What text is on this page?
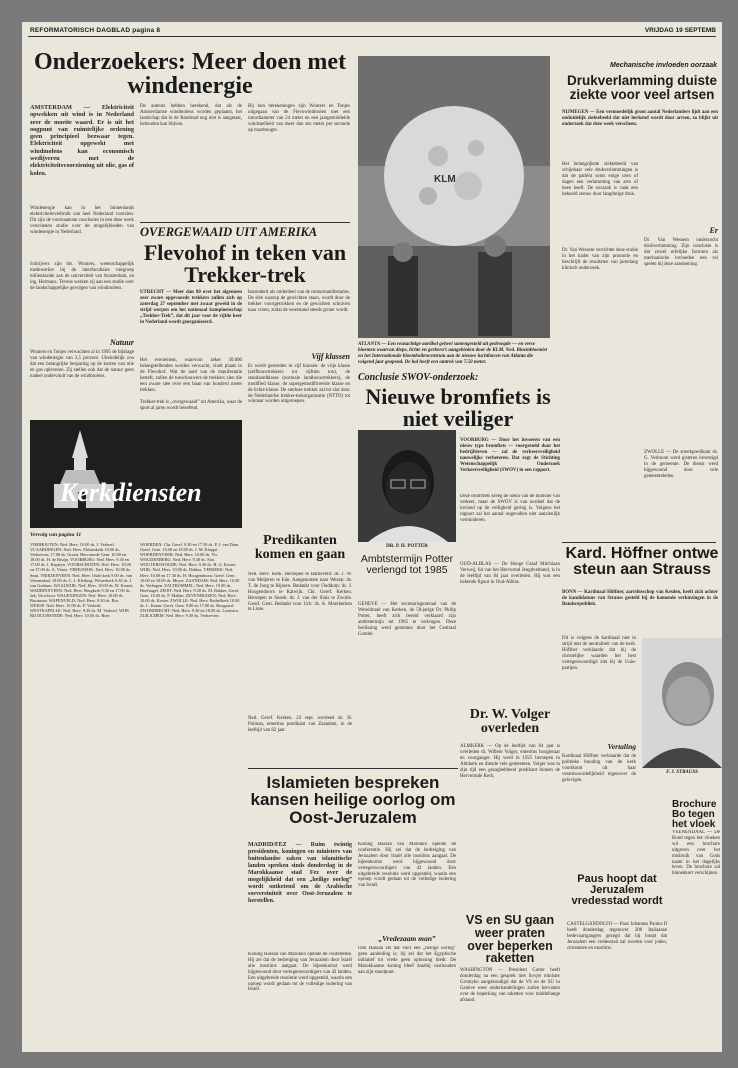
REFORMATORISCH DAGBLAD pagina 8	VRIJDAG 19 SEPTEMB
Onderzoekers: Meer doen met windenergie
AMSTERDAM — Elektriciteit opwekken uit wind is in Nederland zeer de moeite waard. Er is uit het oogpunt van ruimtelijke ordening geen principieel bezwaar tegen. Elektriciteit opgewekt met windmolens kan economisch wedijveren met de elektriciteitsvoorziening uit olie, gas of kolen.
Windenergie kan in het binnenlands elektriciteitsverbruik van heel Nederland voorzien. Dit zijn de voornaamste conclusies in een deze week verschenen studie over de mogelijkheden van windenergie in Nederland.
Schrijvers zijn drs. Wouters, wetenschappelijk medewerker bij de interfacultaire vakgroep milieukunde aan de universiteit van Amsterdam, en ing. Hermans. Tevens werken zij aan een studie over de landschappelijke gevolgen van windmolens.
De auteurs hebben berekend, dat als de Amsterdamse windmolens worden geplaatst, het landschap dat in de Randstad nog niet is aangetast, behouden kan blijven.
Bij hun berekeningen zijn Wouters en Tonjes uitgegaan van de Flevowindmolen met een rotordiameter van 24 meter en een jaargemiddelde windsnelheid van meer dan zes meter per seconde op masthoogte.
Natuur
Wouters en Tonjes verwachten al in 1995 de bijdrage van windenergie van 2,5 procent. Uiteindelijk zou dat een belangrijke besparing op de kosten van olie en gas opleveren. Zij stellen ook dat de natuur geen nadeel ondervindt van de windmolens.
OVERGEWAAID UIT AMERIKA
Flevohof in teken van Trekker-trek
UTRECHT — Meer dan 80 over het algemeen zeer zware opgevoerde trekkers zullen zich op zaterdag 27 september met zwaar geweld in de strijd werpen om het nationaal kampioenschap „Trekker-Trek”, dat dit jaar voor de vijfde keer in Nederland wordt georganiseerd.
Het evenement, waarvoor zeker 30.000 belangstellenden worden verwacht, vindt plaats in de Flevohof. Wat de aard van de manifestatie betreft, zullen de toeschouwers de trekkers zien die een zware slee over een baan van honderd meter trekken.
Trekker-trek is „overgewaaid” uit Amerika, waar de sport al jaren wordt beoefend.
bezonderd als onderdeel van de motormanifestaties. De slee waarop de gewichten staan, wordt door de trekker voortgetrokken en de gewichten schuiven naar voren, zodat de weerstand steeds groter wordt.
Vijf klassen
Er wordt gestreden in vijf klassen: de vrije klasse (zelfbouwtrekkers tot vijftien ton), de standaardklasse (normale landbouwtrekkers), de modified klasse, de supergemodificeerde klasse en de lichte klasse. De sterkste trekker zal tot slot door de Nederlandse trekker-trekorganisatie (NTTO) tot winnaar worden uitgeroepen.
KLM
ATLANTA — Een reusachtige aardbol geheel samengesteld uit gedroogde — en verse bloemen waarvan diepe, lichte en gerbera’s aangebieden door de KLM. Ned. Bloembloemist en het Internationale bloembollencentrum aan de nieuwe luchthaven van Atlanta die volgend jaar geopend. De bal heeft een omtrek van 7.50 meter.
Kerkdiensten
Vervolg van pagina 11
VIERHOUTEN: Ned. Herv. 10.00 ds. J. Verhoef. VLAARDINGEN: Ned. Herv. Elthamkerk 10.00 ds. Verhoeven, 17.00 ds. Groen. Hervormde Gem. 10.00 en 18.00 ds. H. de Bruijn. VOORBURG: Ned. Herv. 9.30 en 17.00 ds. J. Kapteyn. VOORSCHOTEN: Ned. Herv. 10.00 en 17.00 ds. A. Visser. VREESWIJK: Ned. Herv. 10.00 ds. Smit. VRIEZENVEEN: Ned. Herv. Oude kerk 9.00 ds. van Veenendaal, 18.00 ds. C. J. Kleiberg. Westerkerk 9.30 ds. J. van Gorkum. WAALWIJK: Ned. Herv. 10.00 ds. W. Kornet. WADDINXVEEN: Ned. Herv. Brugkerk 9.30 en 17.00 ds. Jak. Verschoor. WAGENINGEN: Ned. Herv. 10.00 ds. Bruinsma. WAPENVELD: Ned. Herv. 9.30 ds. Bos. WEESP: Ned. Herv. 10.00 ds. F. Verkerk. WESTKAPELLE: Ned. Herv. 9.30 ds. M. Verhoef. WIJK BIJ DUURSTEDE: Ned. Herv. 10.00 ds. Boer.
WOERDEN: Chr. Geref. 9.30 en 17.30 ds. P. J. van Dam. Geref. Gem. 10.00 en 18.00 ds. J. M. Kloppe. WOERDENVEER: Ned. Herv. 10.00 ds. Vis. WOUDENBERG: Ned. Herv. 9.30 ds. Slot. WOUTERSWOUDE: Ned. Herv. 9.30 ds. H. G. Koster. WIJK: Ned. Herv. 10.00 ds. Dekker. YERSEKE: Ned. Herv. 10.00 en 17.30 ds. H. Hoogendoorn. Geref. Gem. 10.00 en 18.00 ds. Meyer. ZAANDAM: Ned. Herv. 10.00 ds. Verhagen. ZALTBOMMEL: Ned. Herv. 10.00 ds. Hoefnagel. ZEIST: Ned. Herv. 9.30 ds. M. Bakker, Geref. Gem. 10.00 ds. F. Mallan. ZEVENHUIZEN: Ned. Herv. 10.00 ds. Koster. ZWOLLE: Ned. Herv. Bethelkerk 10.00 ds. L. Kraan. Geref. Gem. 9.00 en 17.00 ds. Boogaard. ZWIJNDRECHT: Ned. Herv. 9.30 en 18.00 ds. Loonstra. ZUILICHEM: Ned. Herv. 9.30 ds. Verhoeven.
Predikanten komen en gaan
Ned. Herv. Kerk. Beroepen te Barneveld: ds. J. W. van Meijeren te Ede. Aangenomen naar Wezep: ds. T. de Jong te Rijssen. Bedankt voor Ouddorp: ds. J. Hoogendoorn te Katwijk. Chr. Geref. Kerken. Beroepen te Sneek: ds. J. van der Sluis te Zwolle. Geref. Gem. Bedankt voor Urk: ds. A. Moerkerken te Lisse.
Ned. Geref. Kerken. 23 sept. overleed ds. H. Polman, emeritus predikant van Zaandam, in de leeftijd van 82 jaar.
DR. P. H. POTTER
Ambtstermijn Potter verlengd tot 1985
GENEVE — Het secretarisgeneraal van de Wereldraad van Kerken, de 59-jarige Dr. Philip Potter, heeft zich bereid verklaard zijn ambtstermijn tot 1985 te verlengen. Deze beslissing werd genomen door het Centraal Comité.
Islamieten bespreken kansen heilige oorlog om Oost-Jeruzalem
MADRID/FEZ — Ruim twintig presidenten, koningen en ministers van buitenlandse zaken van islamitische landen spreken sinds donderdag in de Marokkaanse stad Fez over de mogelijkheid dat een „heilige oorlog” wordt ontketend om de Arabische soevereiniteit over Oost-Jeruzalem te herstellen.
Koning Hassan van Marokko opende de conferentie. Hij zei dat de bedreiging van Jeruzalem door Israël alle moslims aangaat. De bijeenkomst werd bijgewoond door vertegenwoordigers van 42 landen. Een uitgebreide resolutie werd opgesteld, waarin een oproep wordt gedaan tot de volledige isolering van Israël.
Koning Hassan van Marokko opende de conferentie. Hij zei dat de bedreiging van Jeruzalem door Israël alle moslims aangaat. De bijeenkomst werd bijgewoond door vertegenwoordigers van 42 landen. Een uitgebreide resolutie werd opgesteld, waarin een oproep wordt gedaan tot de volledige isolering van Israël.
„Vredezaam man”
Ook Hassan zei dat voor een „heilige oorlog” geen aanleiding is; hij zei dat het Egyptische initiatief tot vrede geen oplossing biedt. De Marokkaanse koning bleef daarbij vasthouden aan zijn standpunt.
Dr. W. Volger overleden
ALMKERK — Op de leeftijd van 84 jaar is overleden dr. Willem Volger, emeritus hoogleraar en voorganger. Hij werd in 1925 beroepen in Almkerk en diende vele gemeenten. Volger was in zijn tijd een gezaghebbend predikant binnen de Hervormde Kerk.
VS en SU gaan weer praten over beperken raketten
WASHINGTON — President Carter heeft donderdag na een gesprek met Sovjet minister Gromyko aangekondigd dat de VS en de SU in Genève weer onderhandelingen zullen hervatten over de beperking van raketten voor middellange afstand.
Mechanische invloeden oorzaak
Drukverlamming duiste ziekte voor veel artsen
NIJMEGEN — Een vermoedelijk groot aantal Nederlanders lijdt aan een onduidelijk ziektebeeld dat niet herkend wordt door artsen, zo blijkt uit onderzoek dat deze week verscheen.
Het belangrijkste ziektebeeld van schijnbaar vele drukverlammingen is dat de patiënt soms enige uren of dagen een verlamming van arm of been heeft. De oorzaak is vaak een bekneld zenuw door langdurige druk.
Dr. Van Wessem verrichtte deze studie in het kader van zijn promotie en beschrijft de resultaten van jarenlang klinisch onderzoek.
Er
Dr. Van Wessem onderzocht drukverlamming. Zijn conclusie is dat zowel erfelijke factoren als mechanische invloeden een rol spelen bij deze aandoening.
Conclusie SWOV-onderzoek:
Nieuwe bromfiets is niet veiliger
VOORBURG — Door het invoeren van een nieuw type bromfiets — voorgesteld door het bedrijfsleven — zal de verkeersveiligheid nauwelijks verbeteren. Dat zegt de Stichting Wetenschappelijk Onderzoek Verkeersveiligheid (SWOV) in een rapport.
Deze bromfiets kreeg de steun van de minister van verkeer, maar de SWOV is van oordeel dat de invloed op de veiligheid gering is. Volgens het rapport zal het aantal ongevallen niet aanzienlijk verminderen.
OUD-ALBLAS — De Hooge Graaf Mitchiaan Verweij, lid van het Hervormd Jeugdverband, is in de leeftijd van 84 jaar overleden. Hij was een bekende figuur in Oud-Alblas.
ZWOLLE — De streekpredikant ds. G. Verboom werd gisteren bevestigd in de gemeente. De dienst werd bijgewoond door vele gemeenteleden.
Kard. Höffner ontwe steun aan Strauss
BONN — Kardinaal Höffner, aartsbisschop van Keulen, heeft zich achter de kandidatuur van Strauss gesteld bij de komende verkiezingen in de Bondsrepubliek.
Dit is volgens de kardinaal niet in strijd met de neutraliteit van de kerk. Höffner verklaarde dat hij de christelijke waarden het best vertegenwoordigd ziet bij de Unie-partijen.
Vertaling
Kardinaal Höffner verklaarde dat de politieke houding van de kerk voortkomt uit haar verantwoordelijkheid tegenover de gelovigen.
F. J. STRAUSS
Paus hoopt dat Jeruzalem vredesstad wordt
CASTELGANDOLFO — Paus Johannes Paulus II heeft donderdag tegenover 200 Italiaanse bedevaartgangers gezegd dat hij hoopt dat Jeruzalem een vredesstad zal worden voor joden, christenen en moslims.
Brochure Bo tegen het vloek
VEENENDAAL — De Bond tegen het vloeken wil een brochure uitgeven over het misbruik van Gods naam in het dagelijks leven. De brochure zal binnenkort verschijnen.
